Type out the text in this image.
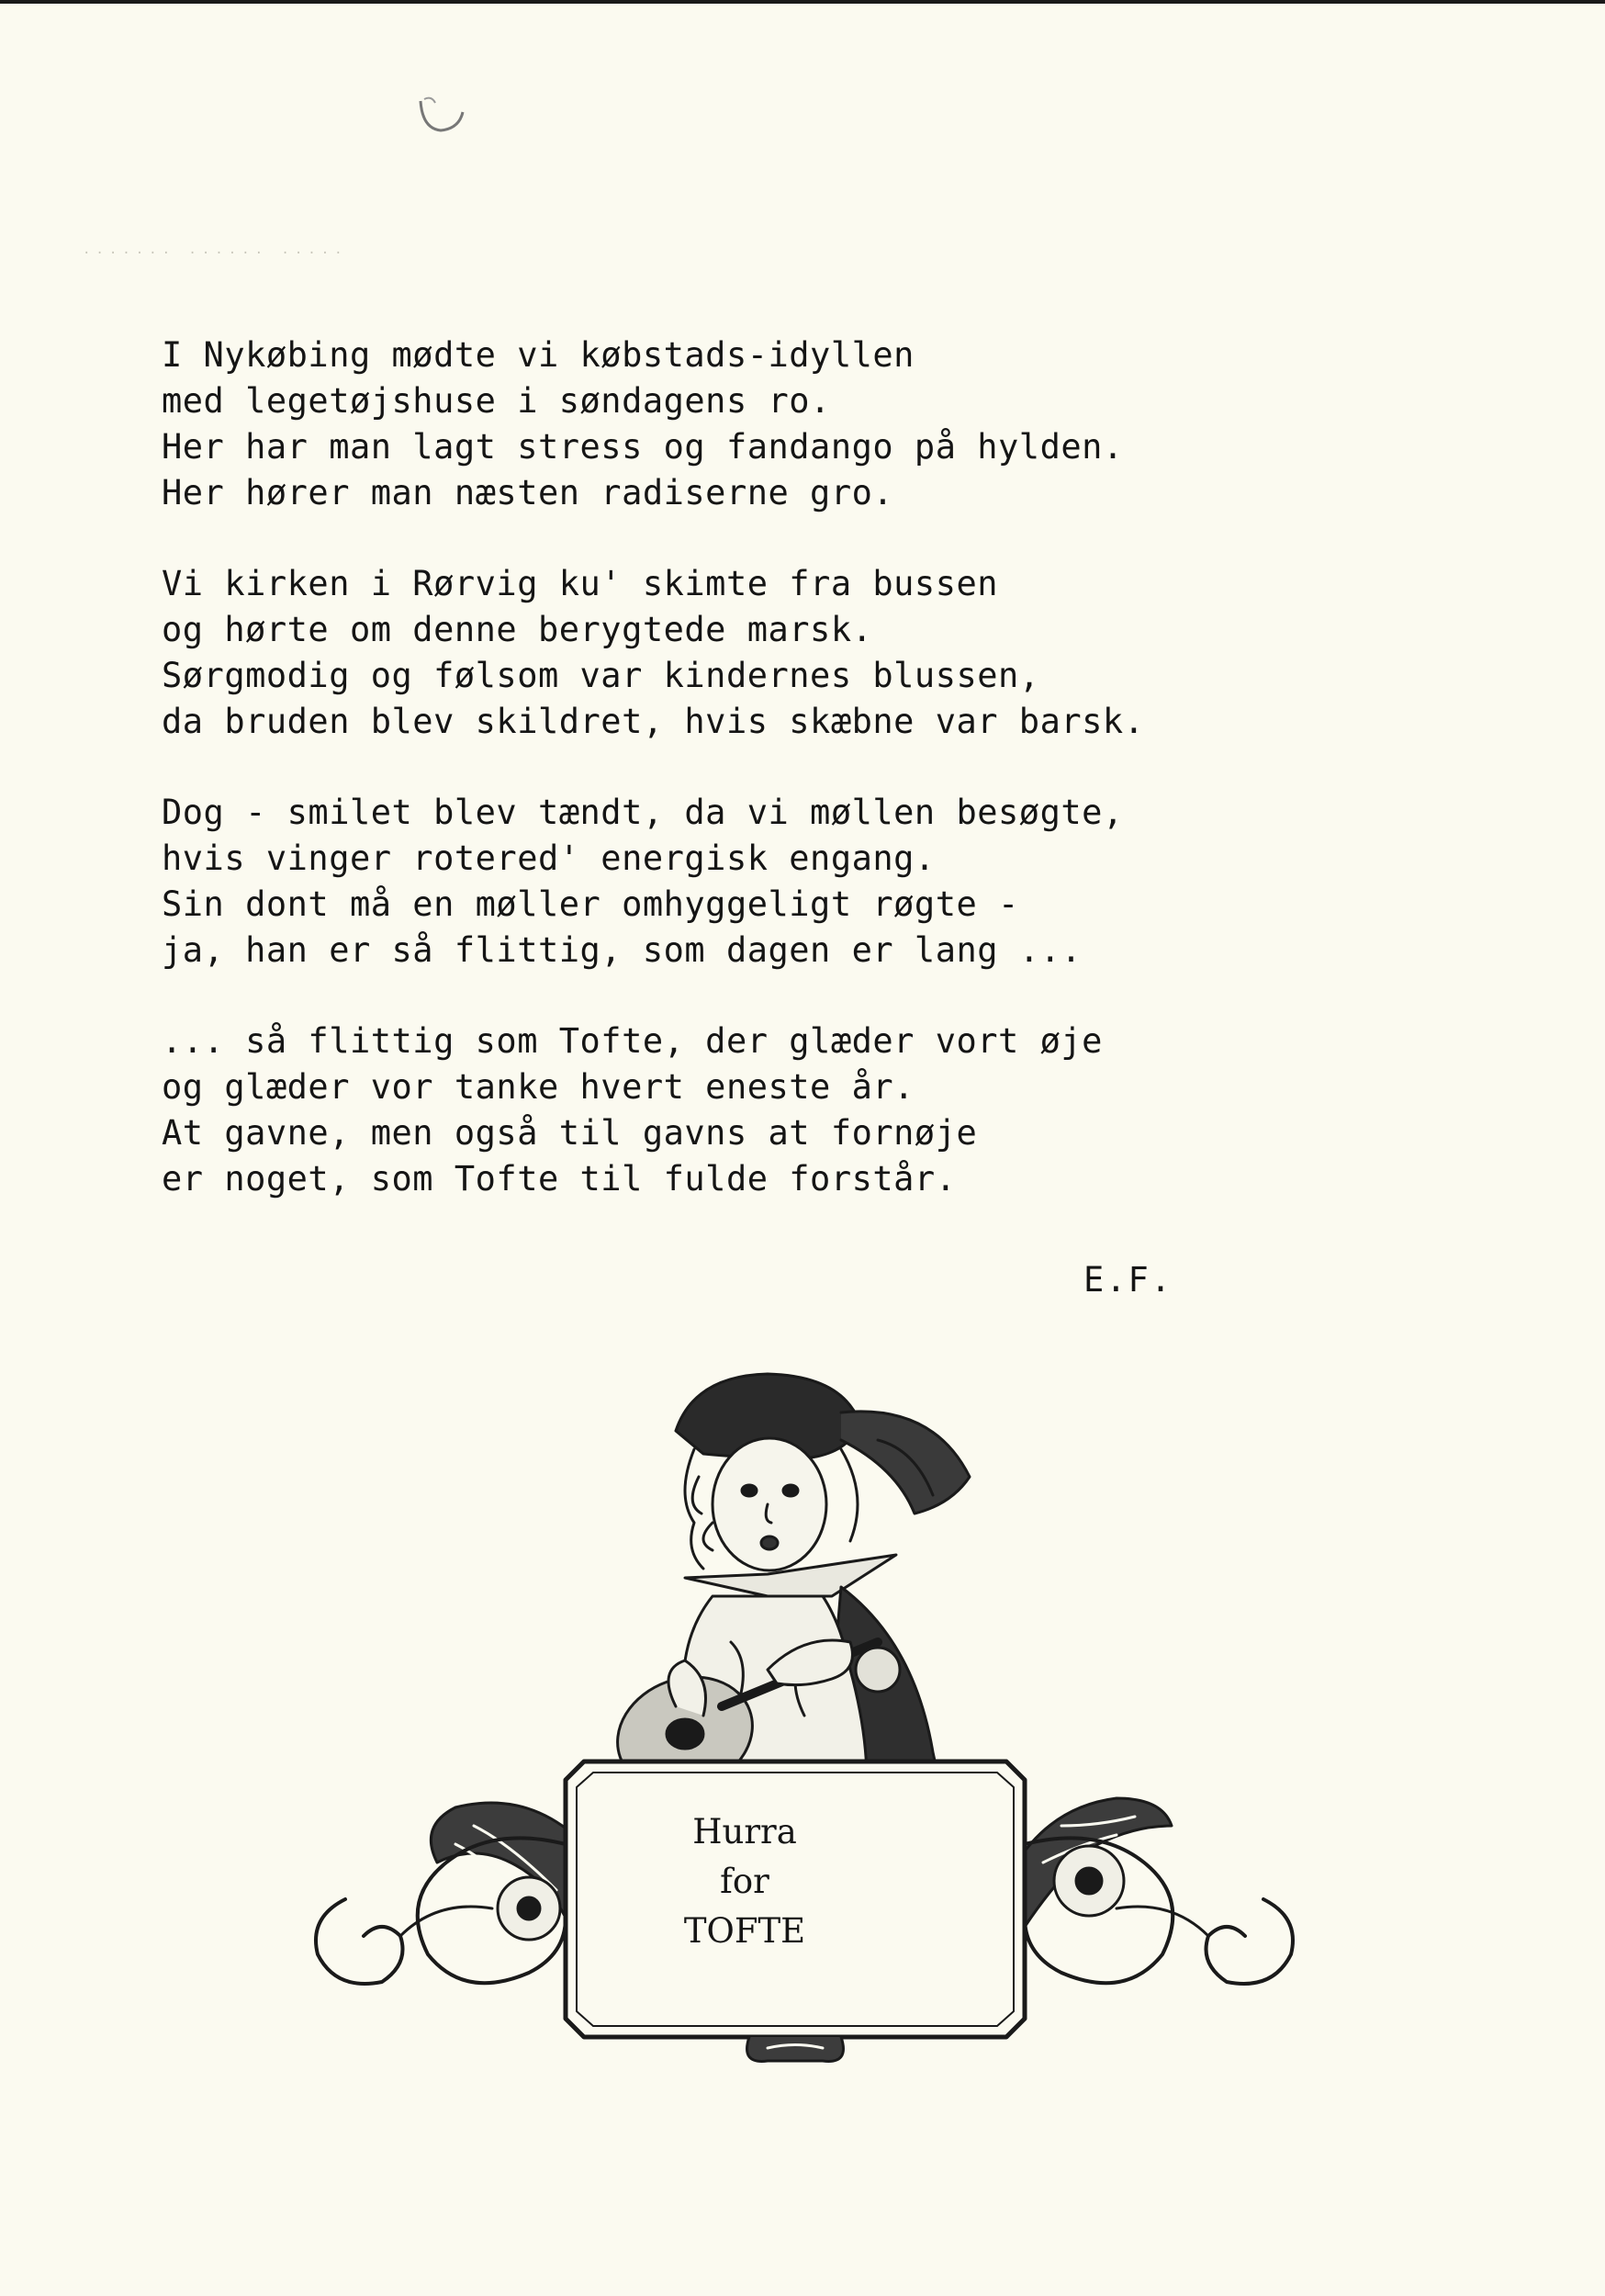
······· ······ ·····
I Nykøbing mødte vi købstads-idyllen
med legetøjshuse i søndagens ro.
Her har man lagt stress og fandango på hylden.
Her hører man næsten radiserne gro.
Vi kirken i Rørvig ku' skimte fra bussen
og hørte om denne berygtede marsk.
Sørgmodig og følsom var kindernes blussen,
da bruden blev skildret, hvis skæbne var barsk.
Dog - smilet blev tændt, da vi møllen besøgte,
hvis vinger rotered' energisk engang.
Sin dont må en møller omhyggeligt røgte -
ja, han er så flittig, som dagen er lang ...
... så flittig som Tofte, der glæder vort øje
og glæder vor tanke hvert eneste år.
At gavne, men også til gavns at fornøje
er noget, som Tofte til fulde forstår.
E.F.
Hurra
for
TOFTE
